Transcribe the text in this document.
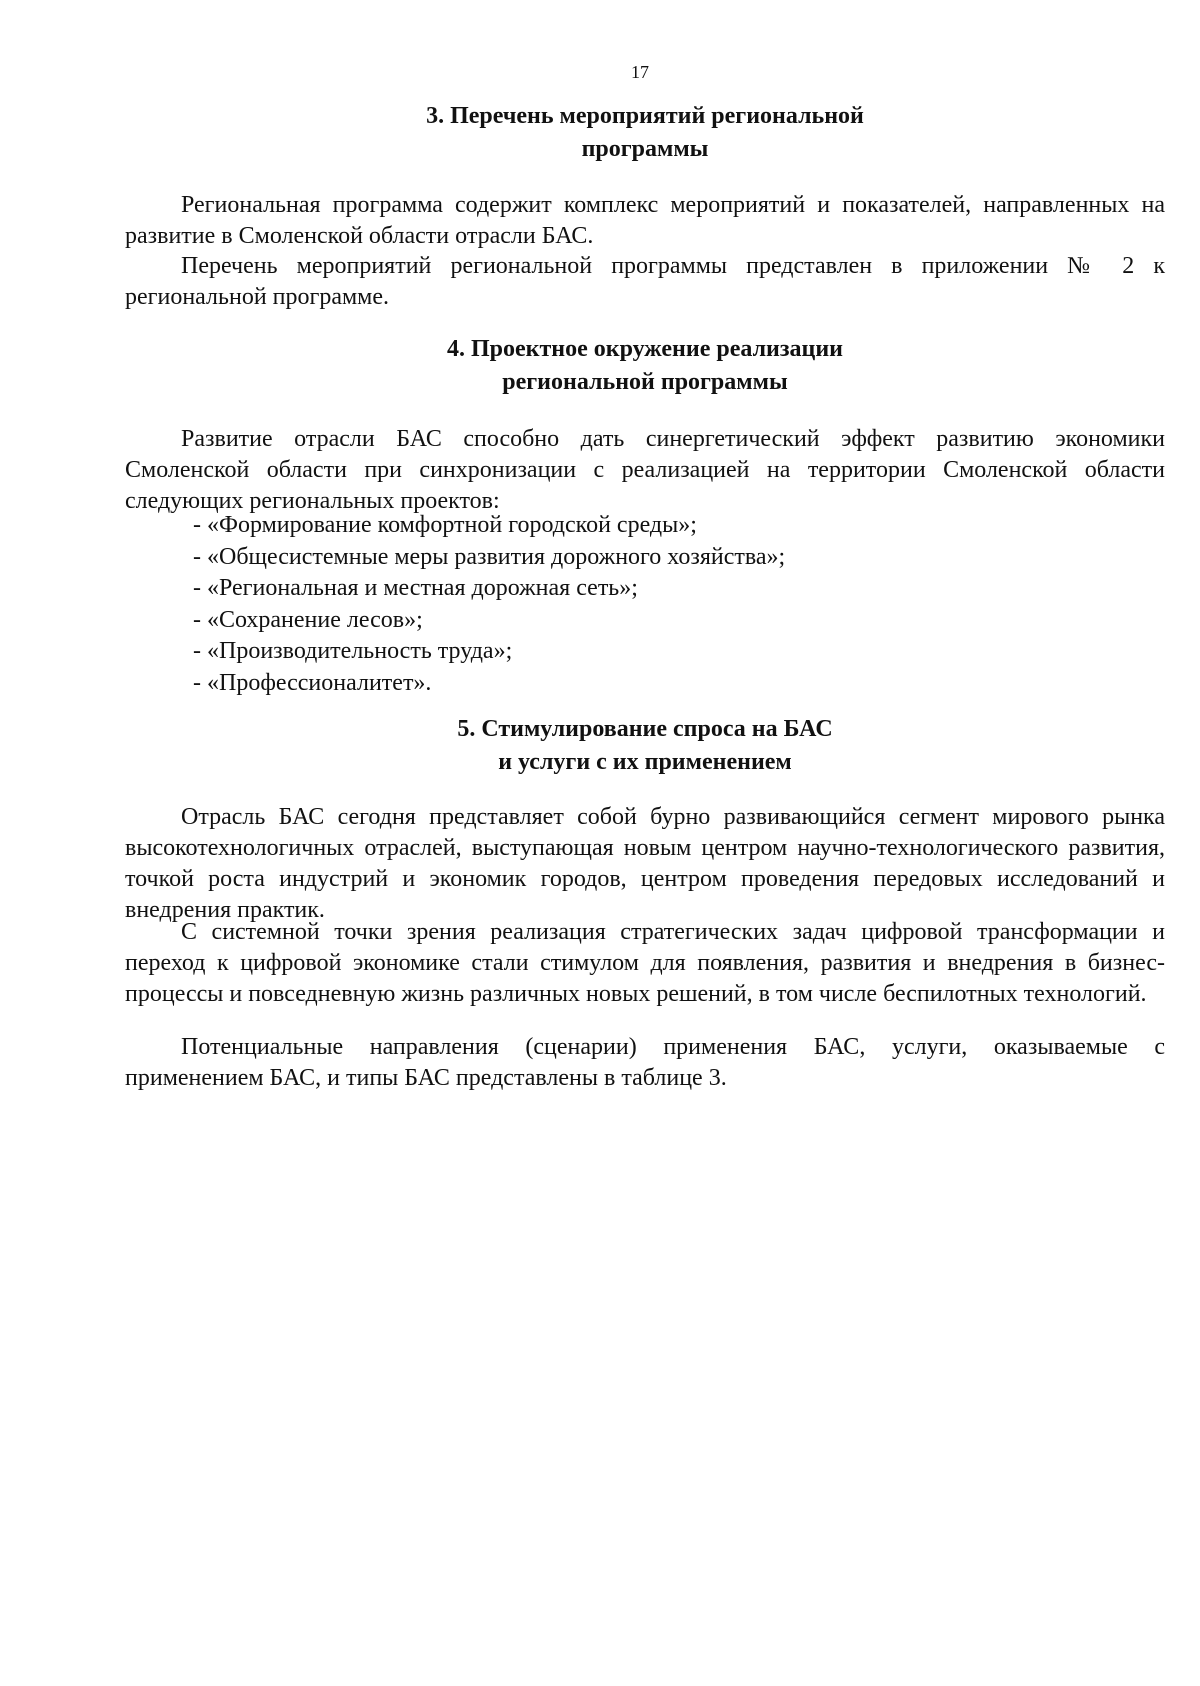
17
3. Перечень мероприятий региональной
программы

Региональная программа содержит комплекс мероприятий и показателей, направленных на развитие в Смоленской области отрасли БАС.

Перечень мероприятий региональной программы представлен в приложении № 2 к региональной программе.

4. Проектное окружение реализации
региональной программы

Развитие отрасли БАС способно дать синергетический эффект развитию экономики Смоленской области при синхронизации с реализацией на территории Смоленской области следующих региональных проектов:

- «Формирование комфортной городской среды»;
- «Общесистемные меры развития дорожного хозяйства»;
- «Региональная и местная дорожная сеть»;
- «Сохранение лесов»;
- «Производительность труда»;
- «Профессионалитет».
5. Стимулирование спроса на БАС
и услуги с их применением

Отрасль БАС сегодня представляет собой бурно развивающийся сегмент мирового рынка высокотехнологичных отраслей, выступающая новым центром научно-технологического развития, точкой роста индустрий и экономик городов, центром проведения передовых исследований и внедрения практик.

С системной точки зрения реализация стратегических задач цифровой трансформации и переход к цифровой экономике стали стимулом для появления, развития и внедрения в бизнес-процессы и повседневную жизнь различных новых решений, в том числе беспилотных технологий.

Потенциальные направления (сценарии) применения БАС, услуги, оказываемые с применением БАС, и типы БАС представлены в таблице 3.
